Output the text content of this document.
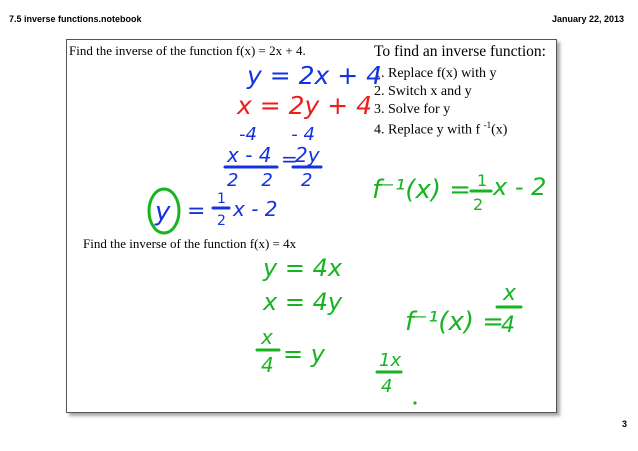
7.5 inverse functions.notebook	January 22, 2013
Find the inverse of the function f(x) = 2x + 4.	To find an inverse function:
1. Replace f(x) with y
2. Switch x and y
3. Solve for y
4. Replace y with f $^{-1}$(x)
Find the inverse of the function f(x) = 4x
y = 2x + 4
x = 2y + 4
-4      - 4
x - 4
2    2
=
2y
2
y = 1
2 x - 2
f⁻¹(x) = 1
2
x - 2
y = 4x
x = 4y
x
4 = y
f⁻¹(x) =
x
4
1x
4
3
